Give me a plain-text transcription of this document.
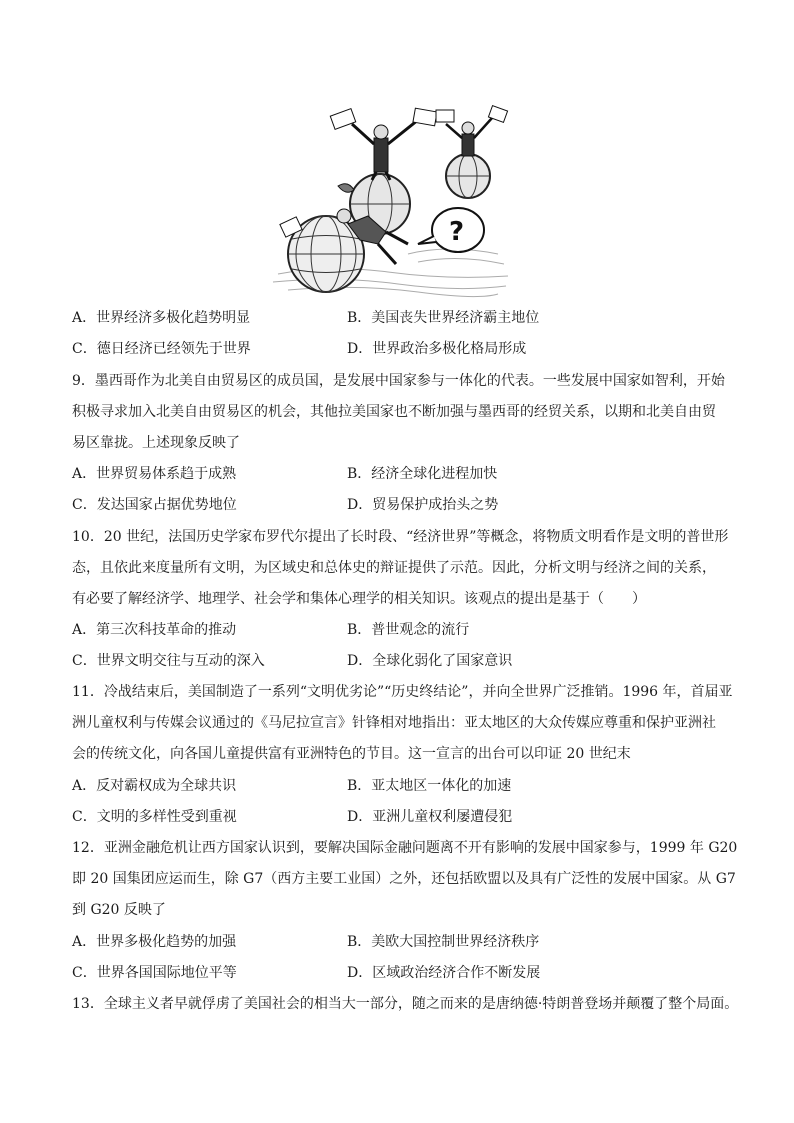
?
A．世界经济多极化趋势明显	B．美国丧失世界经济霸主地位
C．德日经济已经领先于世界	D．世界政治多极化格局形成
9．墨西哥作为北美自由贸易区的成员国，是发展中国家参与一体化的代表。一些发展中国家如智利，开始
积极寻求加入北美自由贸易区的机会，其他拉美国家也不断加强与墨西哥的经贸关系，以期和北美自由贸
易区靠拢。上述现象反映了
A．世界贸易体系趋于成熟	B．经济全球化进程加快
C．发达国家占据优势地位	D．贸易保护成抬头之势
10．20 世纪，法国历史学家布罗代尔提出了长时段、“经济世界”等概念，将物质文明看作是文明的普世形
态，且依此来度量所有文明，为区域史和总体史的辩证提供了示范。因此，分析文明与经济之间的关系，
有必要了解经济学、地理学、社会学和集体心理学的相关知识。该观点的提出是基于（　　）
A．第三次科技革命的推动	B．普世观念的流行
C．世界文明交往与互动的深入	D．全球化弱化了国家意识
11．冷战结束后，美国制造了一系列“文明优劣论”“历史终结论”，并向全世界广泛推销。1996 年，首届亚
洲儿童权利与传媒会议通过的《马尼拉宣言》针锋相对地指出：亚太地区的大众传媒应尊重和保护亚洲社
会的传统文化，向各国儿童提供富有亚洲特色的节目。这一宣言的出台可以印证 20 世纪末
A．反对霸权成为全球共识	B．亚太地区一体化的加速
C．文明的多样性受到重视	D．亚洲儿童权利屡遭侵犯
12．亚洲金融危机让西方国家认识到，要解决国际金融问题离不开有影响的发展中国家参与，1999 年 G20
即 20 国集团应运而生，除 G7（西方主要工业国）之外，还包括欧盟以及具有广泛性的发展中国家。从 G7
到 G20 反映了
A．世界多极化趋势的加强	B．美欧大国控制世界经济秩序
C．世界各国国际地位平等	D．区域政治经济合作不断发展
13．全球主义者早就俘虏了美国社会的相当大一部分，随之而来的是唐纳德·特朗普登场并颠覆了整个局面。
